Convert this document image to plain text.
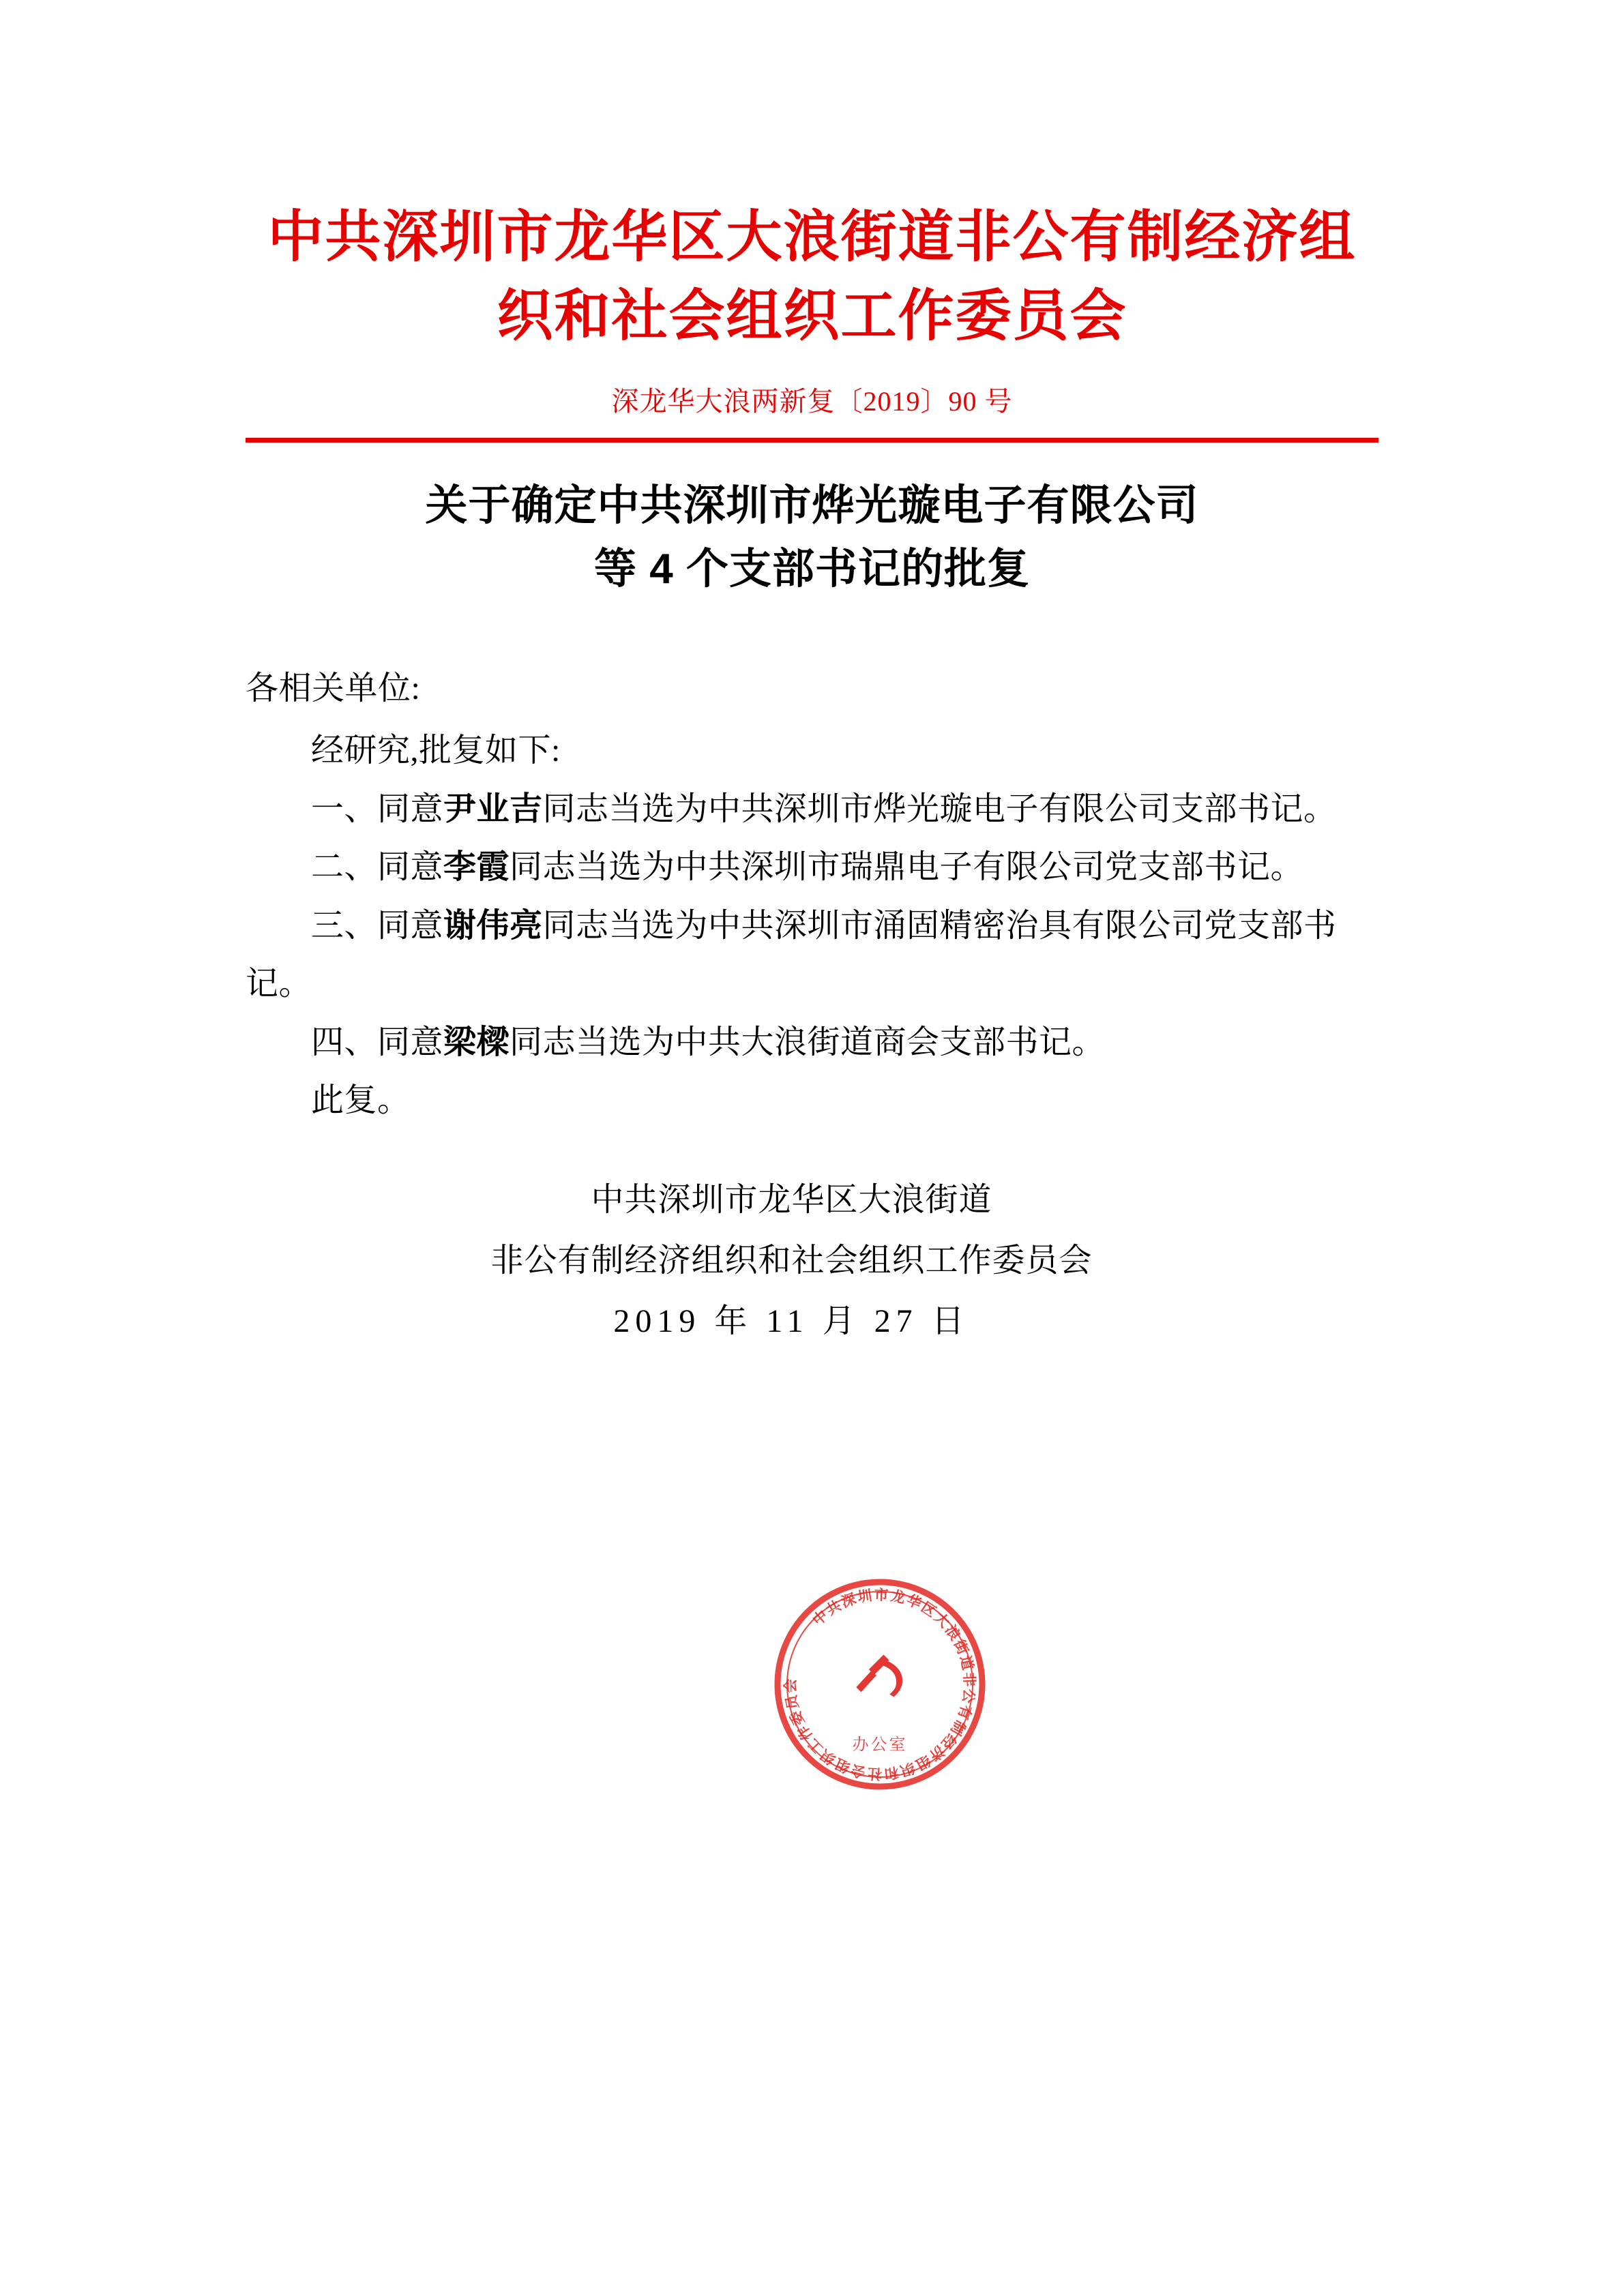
中共深圳市龙华区大浪街道非公有制经济组
织和社会组织工作委员会
深龙华大浪两新复〔2019〕90 号
关于确定中共深圳市烨光璇电子有限公司
等 4 个支部书记的批复

各相关单位:

经研究,批复如下:

一、同意尹业吉同志当选为中共深圳市烨光璇电子有限公司支部书记。

二、同意李霞同志当选为中共深圳市瑞鼎电子有限公司党支部书记。

三、同意谢伟亮同志当选为中共深圳市涌固精密治具有限公司党支部书记。

四、同意梁樑同志当选为中共大浪街道商会支部书记。

此复。

中共深圳市龙华区大浪街道
非公有制经济组织和社会组织工作委员会
2019 年 11 月 27 日
中共深圳市龙华区大浪街道非公有制经济组织和社会组织工作委员会
办公室
